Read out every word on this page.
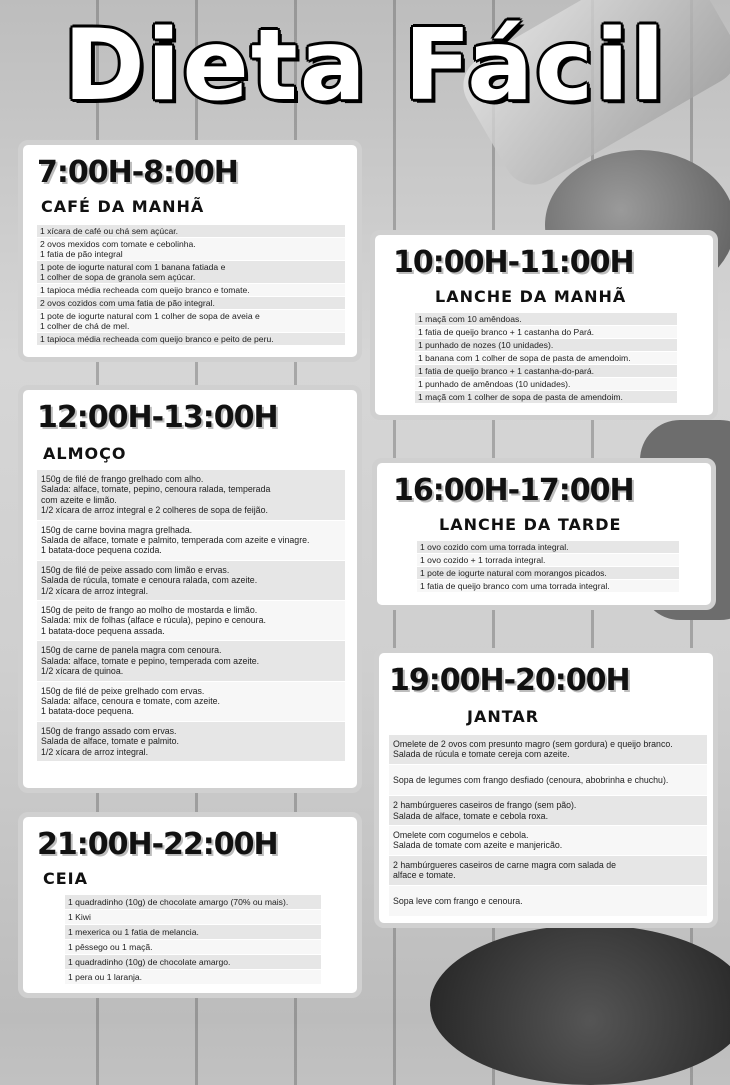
Dieta Fácil
7:00H-8:00H
CAFÉ DA MANHÃ
1 xícara de café ou chá sem açúcar.
2 ovos mexidos com tomate e cebolinha.
1 fatia de pão integral
1 pote de iogurte natural com 1 banana fatiada e
1 colher de sopa de granola sem açúcar.
1 tapioca média recheada com queijo branco e tomate.
2 ovos cozidos com uma fatia de pão integral.
1 pote de iogurte natural com 1 colher de sopa de aveia e
1 colher de chá de mel.
1 tapioca média recheada com queijo branco e peito de peru.
10:00H-11:00H
LANCHE DA MANHÃ
1 maçã com 10 amêndoas.
1 fatia de queijo branco + 1 castanha do Pará.
1 punhado de nozes (10 unidades).
1 banana com 1 colher de sopa de pasta de amendoim.
1 fatia de queijo branco + 1 castanha-do-pará.
1 punhado de amêndoas (10 unidades).
1 maçã com 1 colher de sopa de pasta de amendoim.
12:00H-13:00H
ALMOÇO
150g de filé de frango grelhado com alho.
Salada: alface, tomate, pepino, cenoura ralada, temperada
com azeite e limão.
1/2 xícara de arroz integral e 2 colheres de sopa de feijão.
150g de carne bovina magra grelhada.
Salada de alface, tomate e palmito, temperada com azeite e vinagre.
1 batata-doce pequena cozida.
150g de filé de peixe assado com limão e ervas.
Salada de rúcula, tomate e cenoura ralada, com azeite.
1/2 xícara de arroz integral.
150g de peito de frango ao molho de mostarda e limão.
Salada: mix de folhas (alface e rúcula), pepino e cenoura.
1 batata-doce pequena assada.
150g de carne de panela magra com cenoura.
Salada: alface, tomate e pepino, temperada com azeite.
1/2 xícara de quinoa.
150g de filé de peixe grelhado com ervas.
Salada: alface, cenoura e tomate, com azeite.
1 batata-doce pequena.
150g de frango assado com ervas.
Salada de alface, tomate e palmito.
1/2 xícara de arroz integral.
16:00H-17:00H
LANCHE DA TARDE
1 ovo cozido com uma torrada integral.
1 ovo cozido + 1 torrada integral.
1 pote de iogurte natural com morangos picados.
1 fatia de queijo branco com uma torrada integral.
19:00H-20:00H
JANTAR
Omelete de 2 ovos com presunto magro (sem gordura) e queijo branco.
Salada de rúcula e tomate cereja com azeite.
Sopa de legumes com frango desfiado (cenoura, abobrinha e chuchu).
2 hambúrgueres caseiros de frango (sem pão).
Salada de alface, tomate e cebola roxa.
Omelete com cogumelos e cebola.
Salada de tomate com azeite e manjericão.
2 hambúrgueres caseiros de carne magra com salada de
alface e tomate.
Sopa leve com frango e cenoura.
21:00H-22:00H
CEIA
1 quadradinho (10g) de chocolate amargo (70% ou mais).
1 Kiwi
1 mexerica ou 1 fatia de melancia.
1 pêssego ou 1 maçã.
1 quadradinho (10g) de chocolate amargo.
1 pera ou 1 laranja.
